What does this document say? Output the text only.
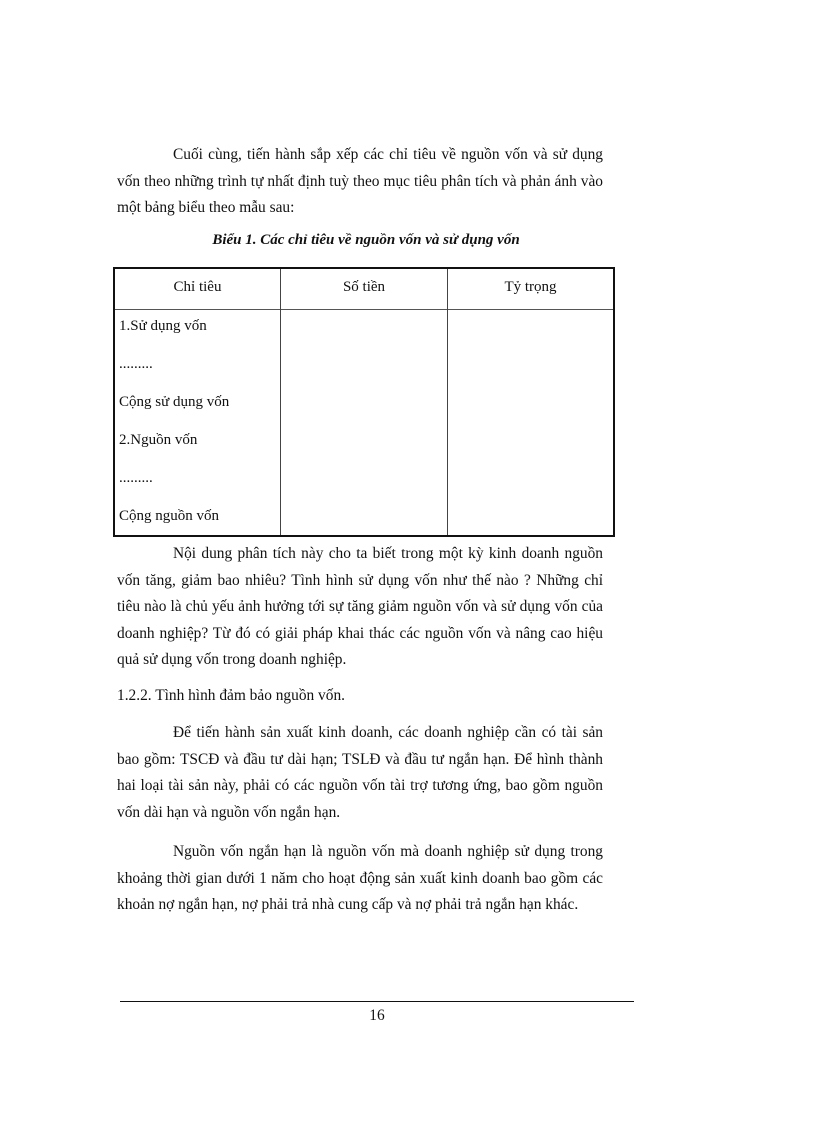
Cuối cùng, tiến hành sắp xếp các chỉ tiêu về nguồn vốn và sử dụng vốn theo những trình tự nhất định tuỳ theo mục tiêu phân tích và phản ánh vào một bảng biểu theo mẫu sau:

Biểu 1. Các chỉ tiêu về nguồn vốn và sử dụng vốn

Chỉ tiêu	Số tiền	Tỷ trọng
1.Sử dụng vốn
.........
Cộng sử dụng vốn
2.Nguồn vốn
.........
Cộng nguồn vốn

Nội dung phân tích này cho ta biết trong một kỳ kinh doanh nguồn vốn tăng, giảm bao nhiêu? Tình hình sử dụng vốn như thế nào ? Những chỉ tiêu nào là chủ yếu ảnh hưởng tới sự tăng giảm nguồn vốn và sử dụng vốn của doanh nghiệp? Từ đó có giải pháp khai thác các nguồn vốn và nâng cao hiệu quả sử dụng vốn trong doanh nghiệp.

1.2.2. Tình hình đảm bảo nguồn vốn.

Để tiến hành sản xuất kinh doanh, các doanh nghiệp cần có tài sản bao gồm: TSCĐ và đầu tư dài hạn; TSLĐ và đầu tư ngắn hạn. Để hình thành hai loại tài sản này, phải có các nguồn vốn tài trợ tương ứng, bao gồm nguồn vốn dài hạn và nguồn vốn ngắn hạn.

Nguồn vốn ngắn hạn là nguồn vốn mà doanh nghiệp sử dụng trong khoảng thời gian dưới 1 năm cho hoạt động sản xuất kinh doanh bao gồm các khoản nợ ngắn hạn, nợ phải trả nhà cung cấp và nợ phải trả ngắn hạn khác.

16
